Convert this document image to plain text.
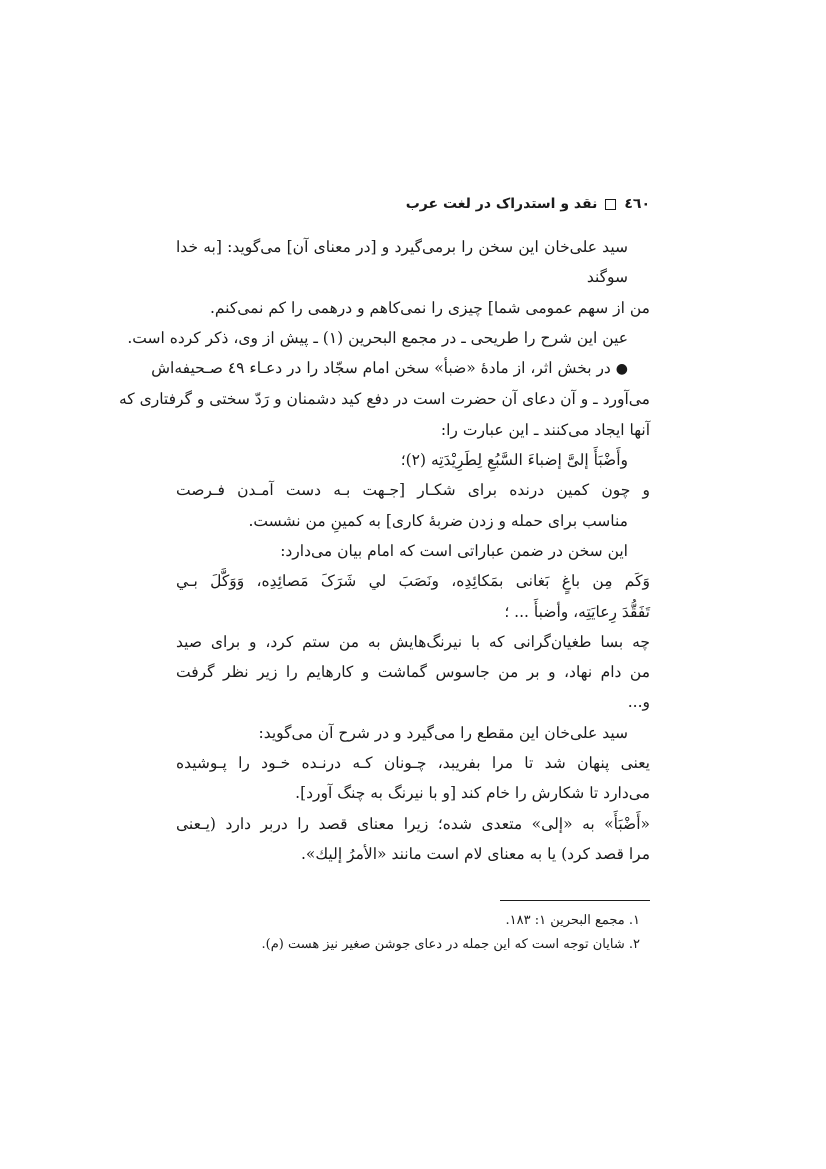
٤٦٠
نقد و استدراک در لغت عرب
سید علی‌خان این سخن را برمی‌گیرد و [در معنای آن] می‌گوید: [به خدا سوگند
من از سهم عمومی شما] چیزی را نمی‌کاهم و درهمی را کم نمی‌کنم.
عین این شرح را طریحی ـ در مجمع البحرین (۱) ـ پیش از وی، ذکر کرده است.
● در بخش اثر، از مادهٔ «ضبأ» سخن امام سجّاد را در دعـاء ٤٩ صـحیفه‌اش
می‌آورد ـ و آن دعای آن حضرت است در دفع کید دشمنان و رَدّ سختی و گرفتاری که
آنها ایجاد می‌کنند ـ این عبارت را:
وأَضْبَأَ إلیَّ إضباءَ السَّبُعِ لِطَرِیْدَتِه (۲)؛
و چون کمین درنده برای شکـار [جـهت بـه دست آمـدن فـرصت
مناسب برای حمله و زدن ضربهٔ کاری] به کمینِ من نشست.
این سخن در ضمن عباراتی است که امام بیان می‌دارد:
وَکَم مِن باغٍ بَغانی بمَکائِدِه، ونَصَبَ لي شَرَکَ مَصائِدِه، وَوَکَّلَ بـي
تَفَقُّدَ رِعایَتِه، وأضبأَ ... ؛
چه بسا طغیان‌گرانی که با نیرنگ‌هایش به من ستم کرد، و برای صید
من دام نهاد، و بر من جاسوس گماشت و کارهایم را زیر نظر گرفت
و...
سید علی‌خان این مقطع را می‌گیرد و در شرح آن می‌گوید:
یعنی پنهان شد تا مرا بفریبد، چـونان کـه درنـده خـود را پـوشیده
می‌دارد تا شکارش را خام کند [و با نیرنگ به چنگ آورد].
«أَضْبَأَ» به «إلی» متعدی شده؛ زیرا معنای قصد را دربر دارد (یـعنی
مرا قصد کرد) یا به معنای لام است مانند «الأمرُ إلیك».
۱. مجمع البحرین ۱: ۱۸۳.
۲. شایان توجه است که این جمله در دعای جوشن صغیر نیز هست (م).
